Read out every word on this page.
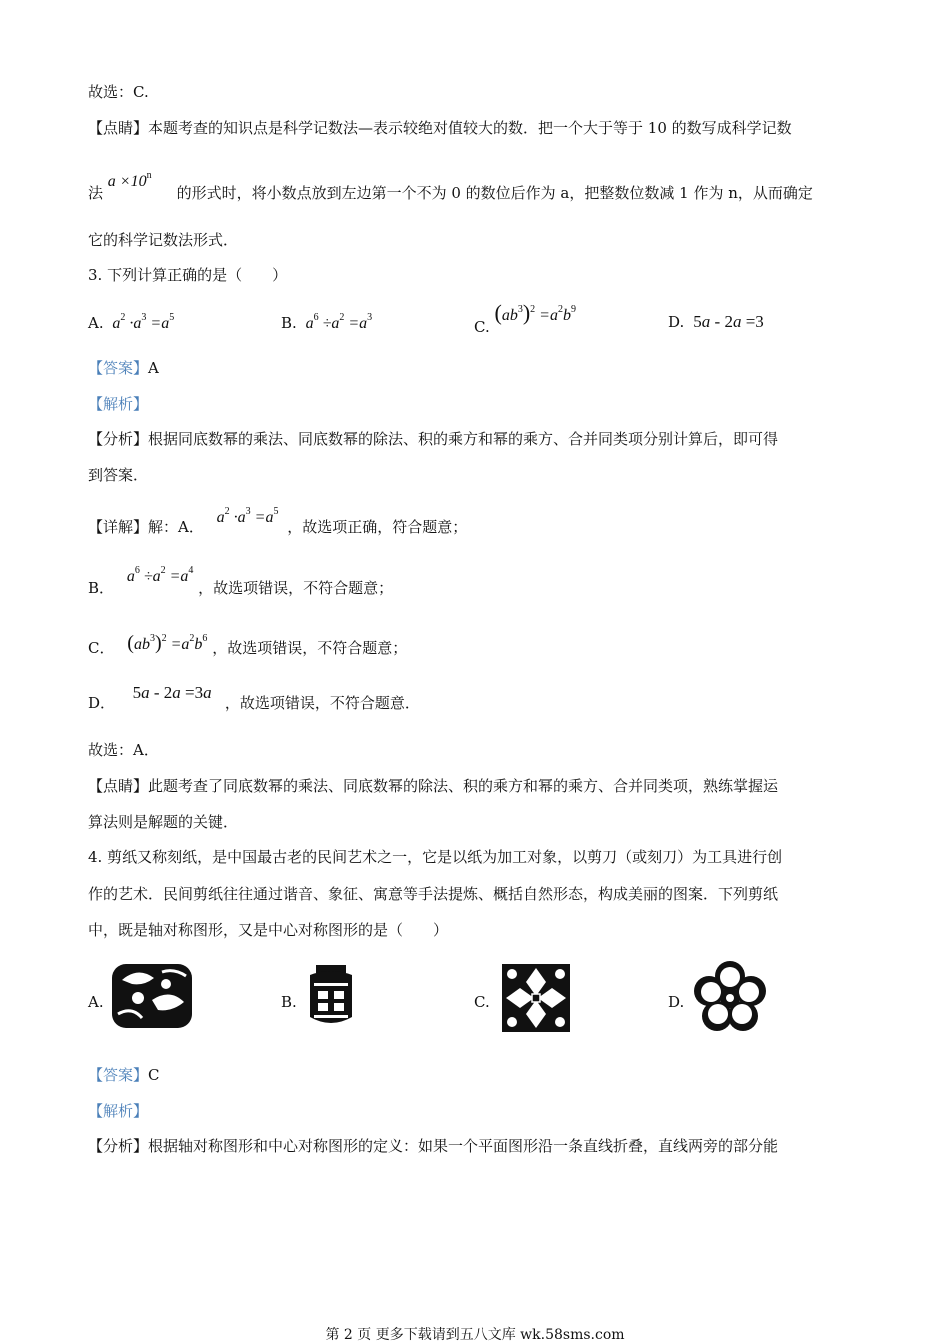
故选：C.
【点睛】本题考查的知识点是科学记数法—表示较绝对值较大的数．把一个大于等于 10 的数写成科学记数
法 $a \times 10^n$ 的形式时，将小数点放到左边第一个不为 0 的数位后作为 a，把整数位数减 1 作为 n，从而确定
它的科学记数法形式．
3. 下列计算正确的是（　　）
A.  $a^2 \cdot a^3 =a^5$	B.  $a^6 \div a^2 =a^3$
C. $(ab^3)^2 =a^2b^9$
D.  5a - 2a =3
【答案】A
【解析】
【分析】根据同底数幂的乘法、同底数幂的除法、积的乘方和幂的乘方、合并同类项分别计算后，即可得
到答案．
【详解】解：A．   $a^2 \cdot a^3 =a^5$  ，故选项正确，符合题意；
B．   $a^6 \div a^2 =a^4$ ，故选项错误，不符合题意；
C． $(ab^3)^2 =a^2b^6$ ，故选项错误，不符合题意；
D．    5a - 2a =3a   ，故选项错误，不符合题意．
故选：A．
【点睛】此题考查了同底数幂的乘法、同底数幂的除法、积的乘方和幂的乘方、合并同类项，熟练掌握运
算法则是解题的关键．
4. 剪纸又称刻纸，是中国最古老的民间艺术之一，它是以纸为加工对象，以剪刀（或刻刀）为工具进行创
作的艺术．民间剪纸往往通过谐音、象征、寓意等手法提炼、概括自然形态，构成美丽的图案．下列剪纸
中，既是轴对称图形，又是中心对称图形的是（　　）
A.	B.	C.	D.
【答案】C
【解析】
【分析】根据轴对称图形和中心对称图形的定义：如果一个平面图形沿一条直线折叠，直线两旁的部分能
第 2 页 更多下载请到五八文库 wk.58sms.com
